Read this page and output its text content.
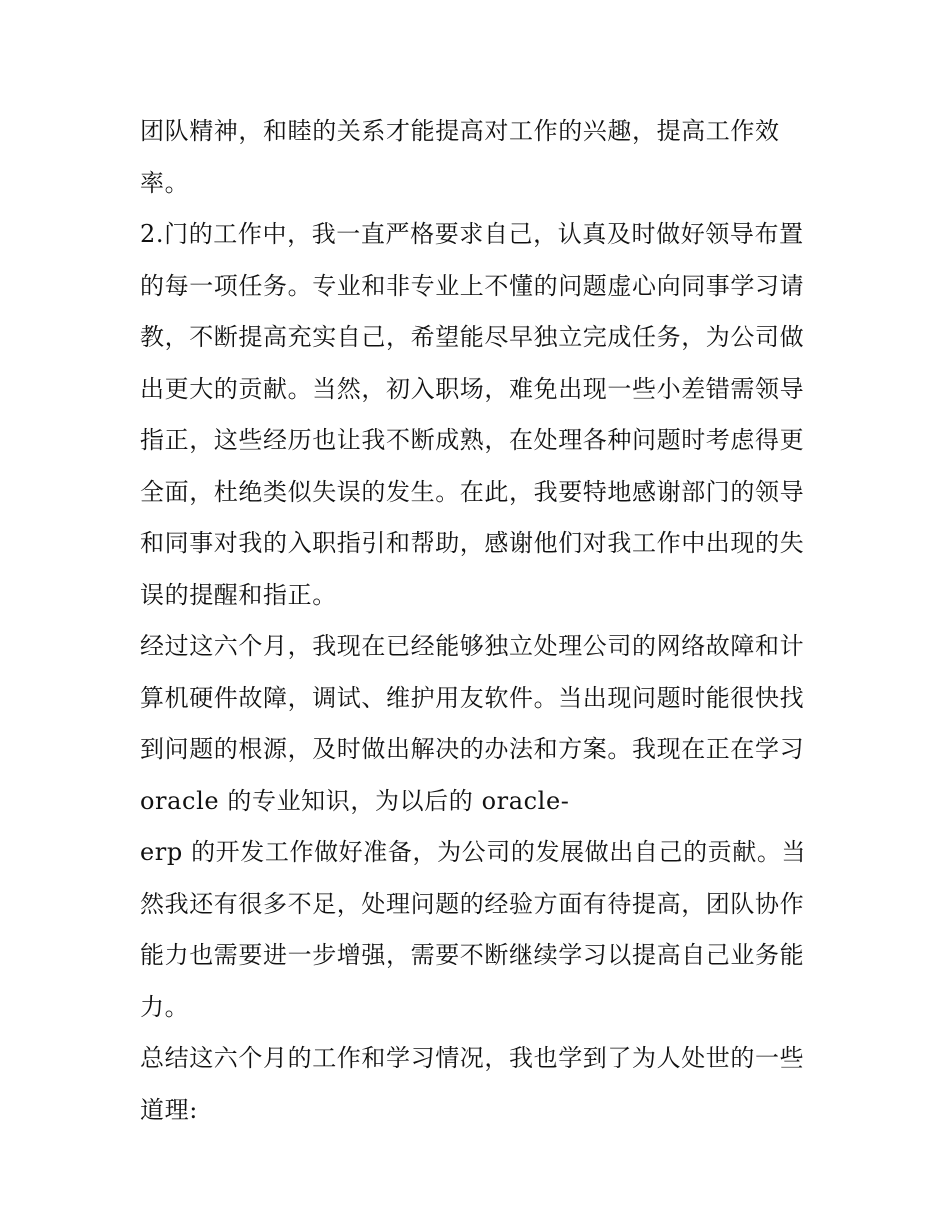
团队精神，和睦的关系才能提高对工作的兴趣，提高工作效
率。
2.门的工作中，我一直严格要求自己，认真及时做好领导布置
的每一项任务。专业和非专业上不懂的问题虚心向同事学习请
教，不断提高充实自己，希望能尽早独立完成任务，为公司做
出更大的贡献。当然，初入职场，难免出现一些小差错需领导
指正，这些经历也让我不断成熟，在处理各种问题时考虑得更
全面，杜绝类似失误的发生。在此，我要特地感谢部门的领导
和同事对我的入职指引和帮助，感谢他们对我工作中出现的失
误的提醒和指正。
经过这六个月，我现在已经能够独立处理公司的网络故障和计
算机硬件故障，调试、维护用友软件。当出现问题时能很快找
到问题的根源，及时做出解决的办法和方案。我现在正在学习
oracle 的专业知识，为以后的 oracle-
erp 的开发工作做好准备，为公司的发展做出自己的贡献。当
然我还有很多不足，处理问题的经验方面有待提高，团队协作
能力也需要进一步增强，需要不断继续学习以提高自己业务能
力。
总结这六个月的工作和学习情况，我也学到了为人处世的一些
道理:
